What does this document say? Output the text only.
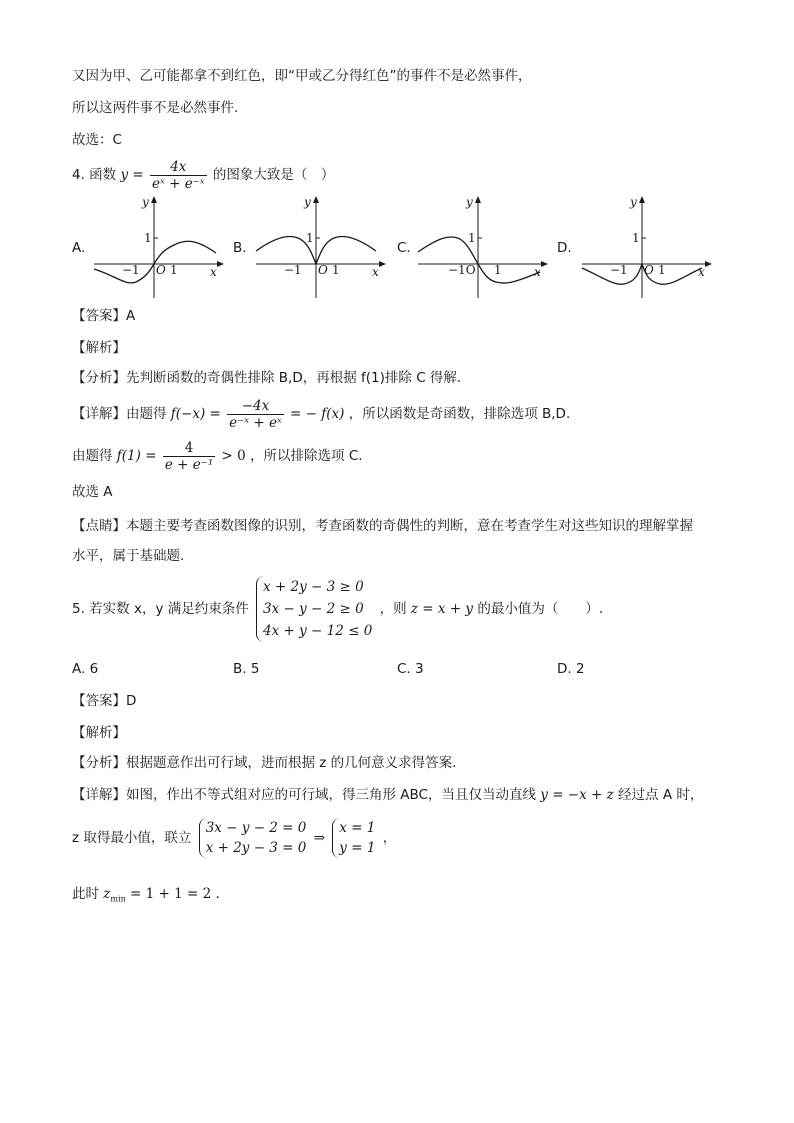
又因为甲、乙可能都拿不到红色，即“甲或乙分得红色”的事件不是必然事件，
所以这两件事不是必然事件.
故选：C
4. 函数 $y = \frac{4x}{\text{eˣ + e⁻ˣ}}$ 的图象大致是（　）
A.	B.	C.	D.
y
1
−1 O 1	x
y
1
−1 O 1	x
y
1
−1O 1	x
y
1
−1 O 1	x
【答案】A
【解析】
【分析】先判断函数的奇偶性排除 B,D，再根据 f(1)排除 C 得解.
【详解】由题得 $f(-x) = \frac{-4x}{\text{e⁻ˣ + eˣ}}$ = − f(x) ，所以函数是奇函数，排除选项 B,D.
由题得 $f(1) = \frac{4}{\text{e + e⁻¹}} > 0$ ，所以排除选项 C.
故选 A
【点睛】本题主要考查函数图像的识别，考查函数的奇偶性的判断，意在考查学生对这些知识的理解掌握
水平，属于基础题.
5. 若实数 x，y 满足约束条件
x + 2y − 3 ≥ 0
3x − y − 2 ≥ 0
4x + y − 12 ≤ 0
，则 z = x + y 的最小值为（　　）.
A. 6	B. 5	C. 3	D. 2
【答案】D
【解析】
【分析】根据题意作出可行域，进而根据 z 的几何意义求得答案.
【详解】如图，作出不等式组对应的可行域，得三角形 ABC，当且仅当动直线 y = −x + z 经过点 A 时，
z 取得最小值，联立
3x − y − 2 = 0
x + 2y − 3 = 0
⇒
x = 1
y = 1
，
此时 $z_{min} = 1 + 1 = 2$ .
